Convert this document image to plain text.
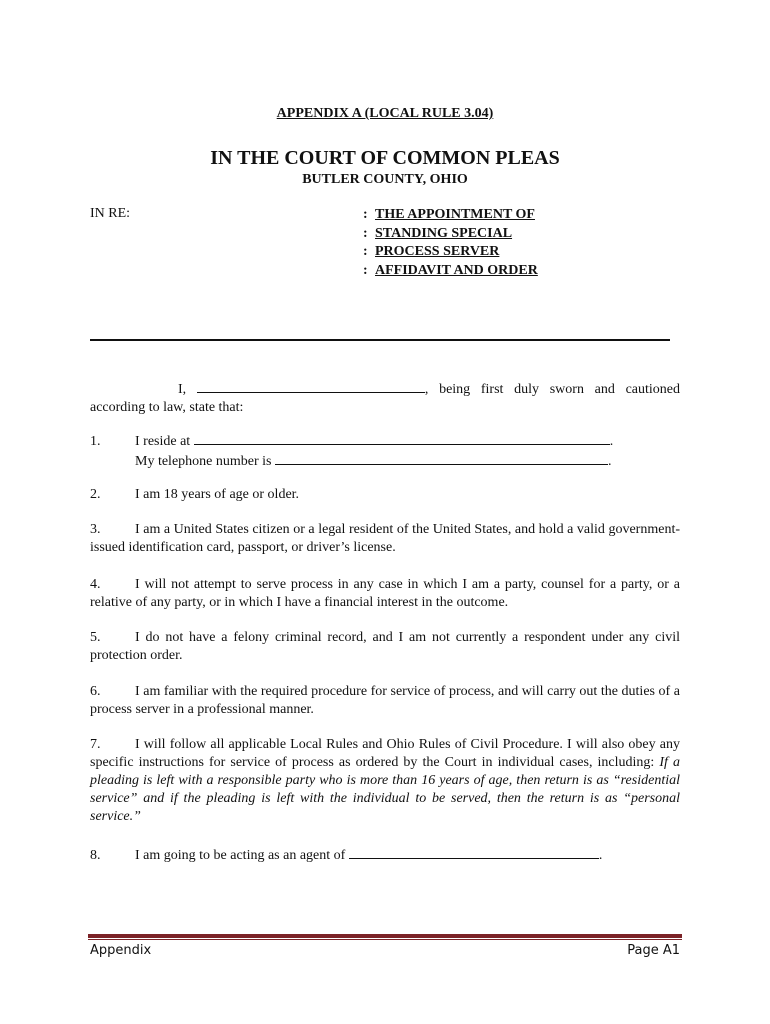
APPENDIX A (LOCAL RULE 3.04)
IN THE COURT OF COMMON PLEAS
BUTLER COUNTY, OHIO
IN RE:	: THE APPOINTMENT OF
: STANDING SPECIAL
: PROCESS SERVER
: AFFIDAVIT AND ORDER
I,	, being first duly sworn and cautioned according to law, state that:
1. I reside at	.
My telephone number is	.
2. I am 18 years of age or older.
3. I am a United States citizen or a legal resident of the United States, and hold a valid government-issued identification card, passport, or driver’s license.
4. I will not attempt to serve process in any case in which I am a party, counsel for a party, or a relative of any party, or in which I have a financial interest in the outcome.
5. I do not have a felony criminal record, and I am not currently a respondent under any civil protection order.
6. I am familiar with the required procedure for service of process, and will carry out the duties of a process server in a professional manner.
7. I will follow all applicable Local Rules and Ohio Rules of Civil Procedure. I will also obey any specific instructions for service of process as ordered by the Court in individual cases, including: If a pleading is left with a responsible party who is more than 16 years of age, then return is as “residential service” and if the pleading is left with the individual to be served, then the return is as “personal service.”
8. I am going to be acting as an agent of	.
Appendix	Page A1
